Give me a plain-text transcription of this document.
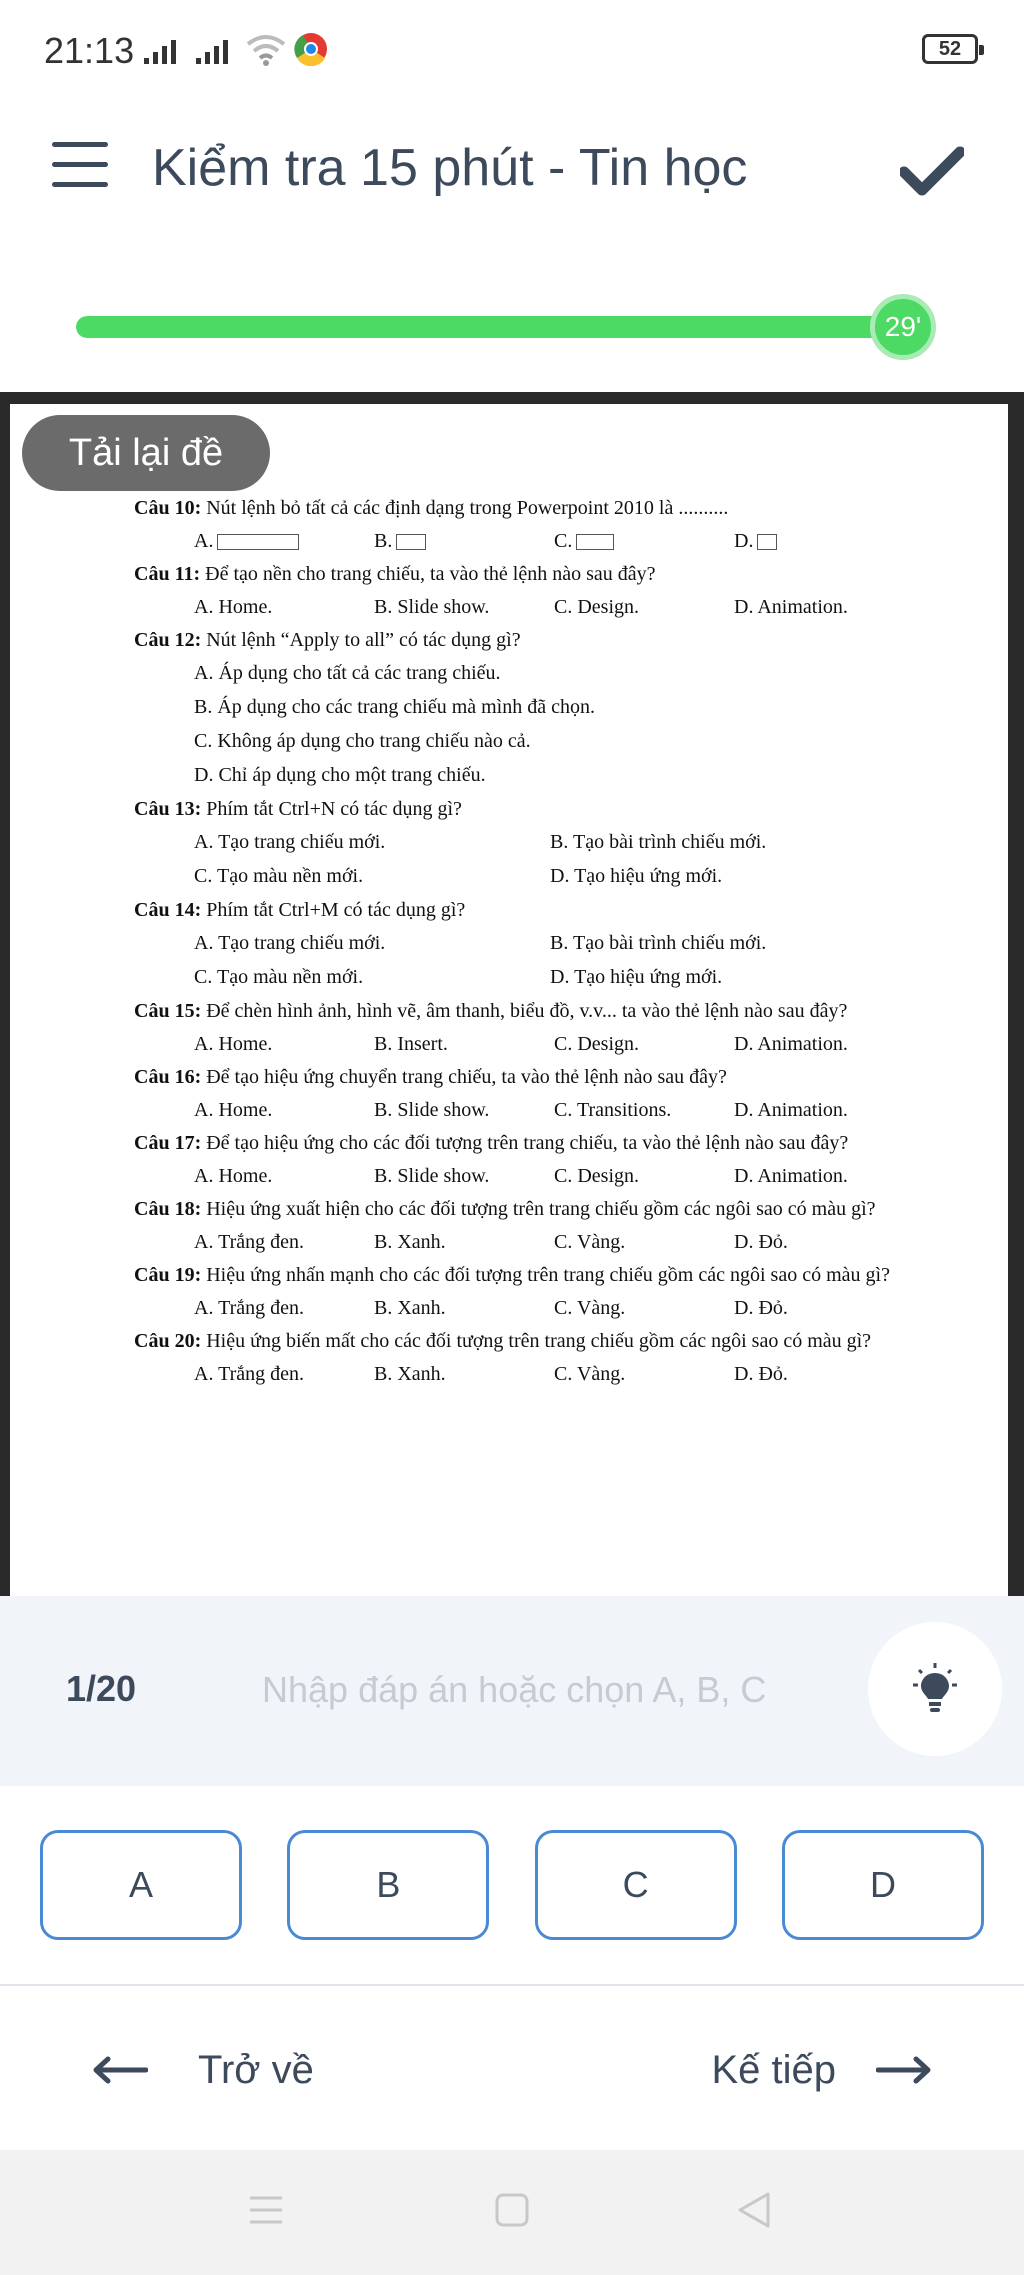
21:13	52
Kiểm tra 15 phút - Tin học
29'
Tải lại đề

Câu 10: Nút lệnh bỏ tất cả các định dạng trong Powerpoint 2010 là ..........

A.	B.	C.	D.

Câu 11: Để tạo nền cho trang chiếu, ta vào thẻ lệnh nào sau đây?

A. Home.	B. Slide show.	C. Design.	D. Animation.

Câu 12: Nút lệnh “Apply to all” có tác dụng gì?

A. Áp dụng cho tất cả các trang chiếu.
B. Áp dụng cho các trang chiếu mà mình đã chọn.
C. Không áp dụng cho trang chiếu nào cả.
D. Chỉ áp dụng cho một trang chiếu.

Câu 13: Phím tắt Ctrl+N có tác dụng gì?

A. Tạo trang chiếu mới.	B. Tạo bài trình chiếu mới.
C. Tạo màu nền mới.	D. Tạo hiệu ứng mới.

Câu 14: Phím tắt Ctrl+M có tác dụng gì?

A. Tạo trang chiếu mới.	B. Tạo bài trình chiếu mới.
C. Tạo màu nền mới.	D. Tạo hiệu ứng mới.

Câu 15: Để chèn hình ảnh, hình vẽ, âm thanh, biểu đồ, v.v... ta vào thẻ lệnh nào sau đây?

A. Home.	B. Insert.	C. Design.	D. Animation.

Câu 16: Để tạo hiệu ứng chuyển trang chiếu, ta vào thẻ lệnh nào sau đây?

A. Home.	B. Slide show.	C. Transitions.	D. Animation.

Câu 17: Để tạo hiệu ứng cho các đối tượng trên trang chiếu, ta vào thẻ lệnh nào sau đây?

A. Home.	B. Slide show.	C. Design.	D. Animation.

Câu 18: Hiệu ứng xuất hiện cho các đối tượng trên trang chiếu gồm các ngôi sao có màu gì?

A. Trắng đen.	B. Xanh.	C. Vàng.	D. Đỏ.

Câu 19: Hiệu ứng nhấn mạnh cho các đối tượng trên trang chiếu gồm các ngôi sao có màu gì?

A. Trắng đen.	B. Xanh.	C. Vàng.	D. Đỏ.

Câu 20: Hiệu ứng biến mất cho các đối tượng trên trang chiếu gồm các ngôi sao có màu gì?

A. Trắng đen.	B. Xanh.	C. Vàng.	D. Đỏ.
1/20
Nhập đáp án hoặc chọn A, B, C
A	B	C	D
Trở về	Kế tiếp
